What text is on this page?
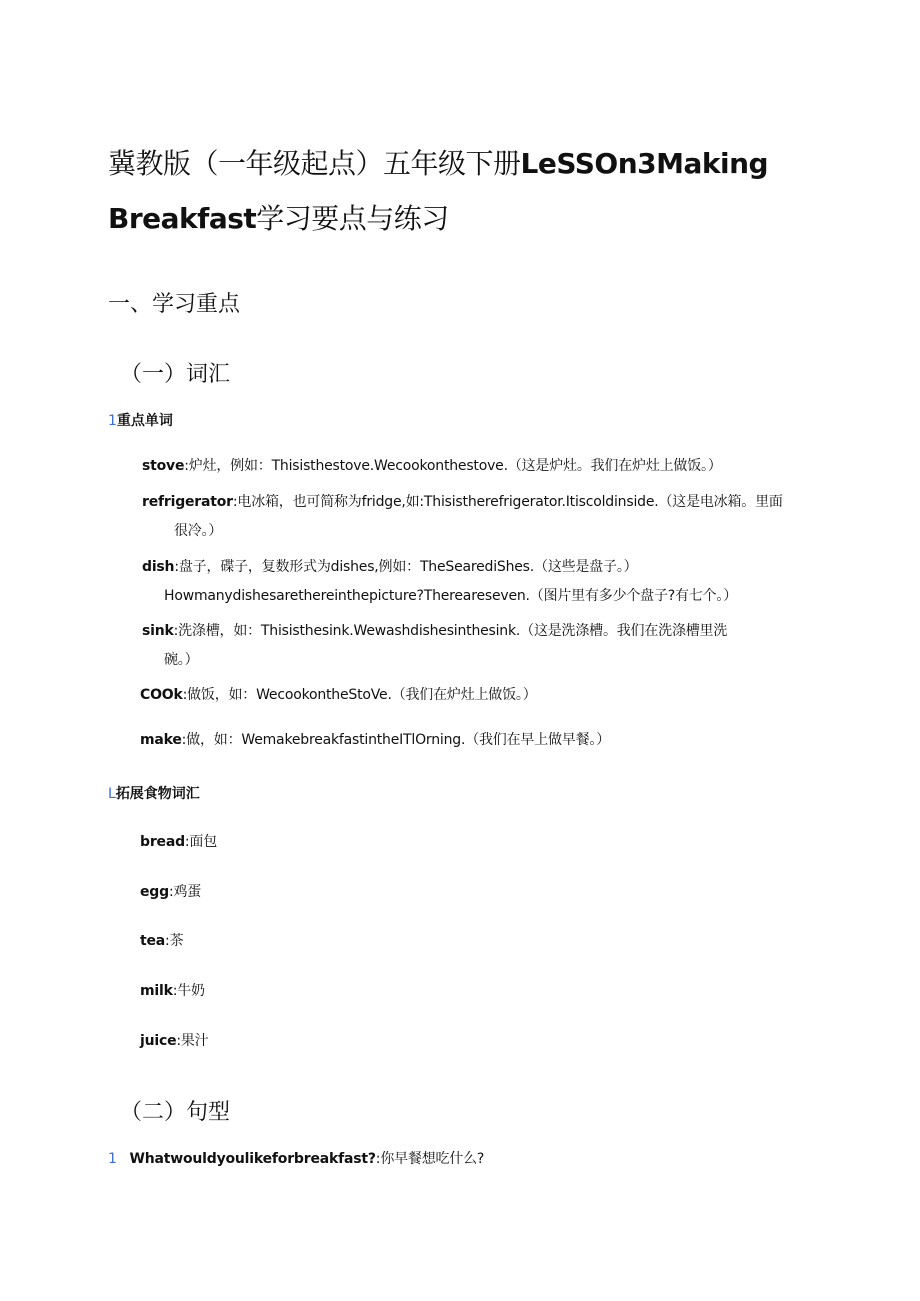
冀教版（一年级起点）五年级下册LeSSOn3Making
Breakfast学习要点与练习
一、学习重点
（一）词汇
1重点单词
stove:炉灶，例如：Thisisthestove.Wecookonthestove.（这是炉灶。我们在炉灶上做饭。）
refrigerator:电冰箱，也可简称为fridge,如:Thisistherefrigerator.Itiscoldinside.（这是电冰箱。里面
很冷。）
dish:盘子，碟子，复数形式为dishes,例如：TheSearediShes.（这些是盘子。）
Howmanydishesarethereinthepicture?Thereareseven.（图片里有多少个盘子?有七个。）
sink:洗涤槽，如：Thisisthesink.Wewashdishesinthesink.（这是洗涤槽。我们在洗涤槽里洗
碗。）
COOk:做饭，如：WecookontheStoVe.（我们在炉灶上做饭。）
make:做，如：WemakebreakfastintheITlOrning.（我们在早上做早餐。）
L拓展食物词汇
bread:面包
egg:鸡蛋
tea:茶
milk:牛奶
juice:果汁
（二）句型
1 Whatwouldyoulikeforbreakfast?:你早餐想吃什么?
